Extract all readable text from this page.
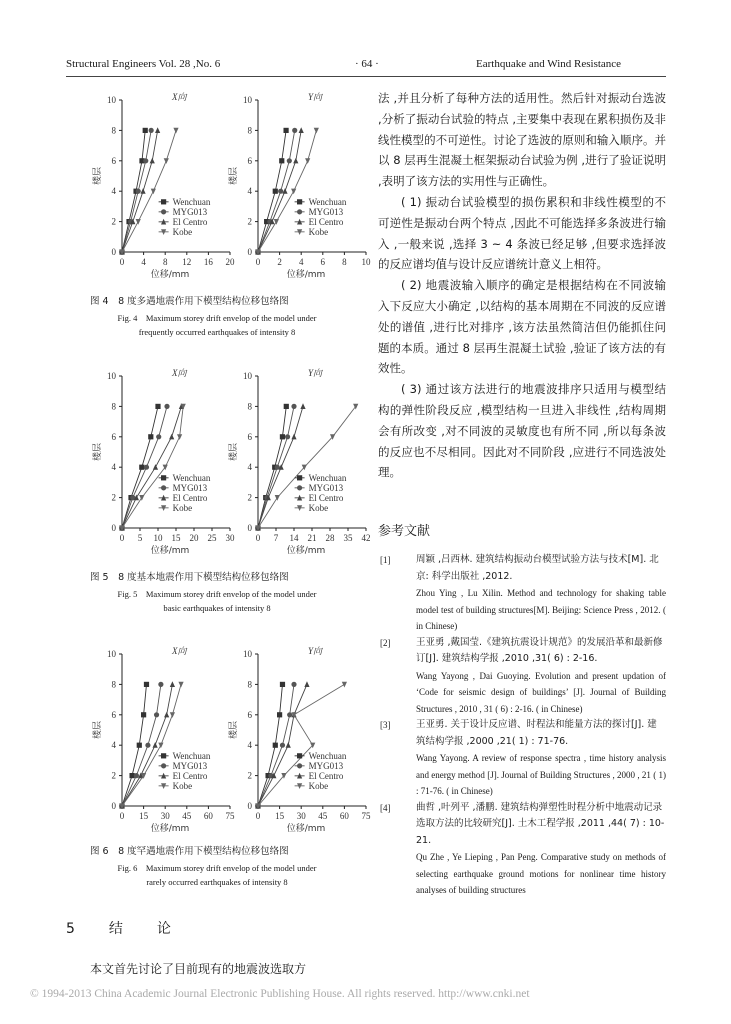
Structural Engineers Vol. 28 ,No. 6	· 64 ·	Earthquake and Wind Resistance
X向
0
2
4
6
8
10
0 4 8 12 16 20
位移/mm
楼层
Wenchuan
MYG013
El Centro
Kobe
Y向
0
2
4
6
8
10
0 2 4 6 8 10
位移/mm
楼层
Wenchuan
MYG013
El Centro
Kobe
图 4　8 度多遇地震作用下模型结构位移包络图
Fig. 4　Maximum storey drift envelop of the model under
frequently occurred earthquakes of intensity 8
X向
0
2
4
6
8
10
0 5 10 15 20 25 30
位移/mm
楼层
Wenchuan
MYG013
El Centro
Kobe
Y向
0
2
4
6
8
10
0 7 14 21 28 35 42
位移/mm
楼层
Wenchuan
MYG013
El Centro
Kobe
图 5　8 度基本地震作用下模型结构位移包络图
Fig. 5　Maximum storey drift envelop of the model under
basic earthquakes of intensity 8
X向
0
2
4
6
8
10
0 15 30 45 60 75
位移/mm
楼层
Wenchuan
MYG013
El Centro
Kobe
Y向
0
2
4
6
8
10
0 15 30 45 60 75
位移/mm
楼层
Wenchuan
MYG013
El Centro
Kobe
图 6　8 度罕遇地震作用下模型结构位移包络图
Fig. 6　Maximum storey drift envelop of the model under
rarely occurred earthquakes of intensity 8
5　结　论
本文首先讨论了目前现有的地震波选取方

法 ,并且分析了每种方法的适用性。然后针对振动台选波 ,分析了振动台试验的特点 ,主要集中表现在累积损伤及非线性模型的不可逆性。讨论了选波的原则和输入顺序。并以 8 层再生混凝土框架振动台试验为例 ,进行了验证说明 ,表明了该方法的实用性与正确性。

( 1) 振动台试验模型的损伤累积和非线性模型的不可逆性是振动台两个特点 ,因此不可能选择多条波进行输入 ,一般来说 ,选择 3 ~ 4 条波已经足够 ,但要求选择波的反应谱均值与设计反应谱统计意义上相符。

( 2) 地震波输入顺序的确定是根据结构在不同波输入下反应大小确定 ,以结构的基本周期在不同波的反应谱处的谱值 ,进行比对排序 ,该方法虽然简洁但仍能抓住问题的本质。通过 8 层再生混凝土试验 ,验证了该方法的有效性。

( 3) 通过该方法进行的地震波排序只适用与模型结构的弹性阶段反应 ,模型结构一旦进入非线性 ,结构周期会有所改变 ,对不同波的灵敏度也有所不同 ,所以每条波的反应也不尽相同。因此对不同阶段 ,应进行不同选波处理。

参考文献
[1]	周颖 ,吕西林. 建筑结构振动台模型试验方法与技术[M]. 北京: 科学出版社 ,2012.
Zhou Ying , Lu Xilin. Method and technology for shaking table model test of building structures[M]. Beijing: Science Press , 2012. ( in Chinese)
[2]	王亚勇 ,戴国莹.《建筑抗震设计规范》的发展沿革和最新修订[J]. 建筑结构学报 ,2010 ,31( 6) : 2-16.
Wang Yayong , Dai Guoying. Evolution and present updation of ‘Code for seismic design of buildings’ [J]. Journal of Building Structures , 2010 , 31 ( 6) : 2-16. ( in Chinese)
[3]	王亚勇. 关于设计反应谱、时程法和能量方法的探讨[J]. 建筑结构学报 ,2000 ,21( 1) : 71-76.
Wang Yayong. A review of response spectra , time history analysis and energy method [J]. Journal of Building Structures , 2000 , 21 ( 1) : 71-76. ( in Chinese)
[4]	曲哲 ,叶列平 ,潘鹏. 建筑结构弹塑性时程分析中地震动记录选取方法的比较研究[J]. 土木工程学报 ,2011 ,44( 7) : 10-21.
Qu Zhe , Ye Lieping , Pan Peng. Comparative study on methods of selecting earthquake ground motions for nonlinear time history analyses of building structures
© 1994-2013 China Academic Journal Electronic Publishing House. All rights reserved. http://www.cnki.net
